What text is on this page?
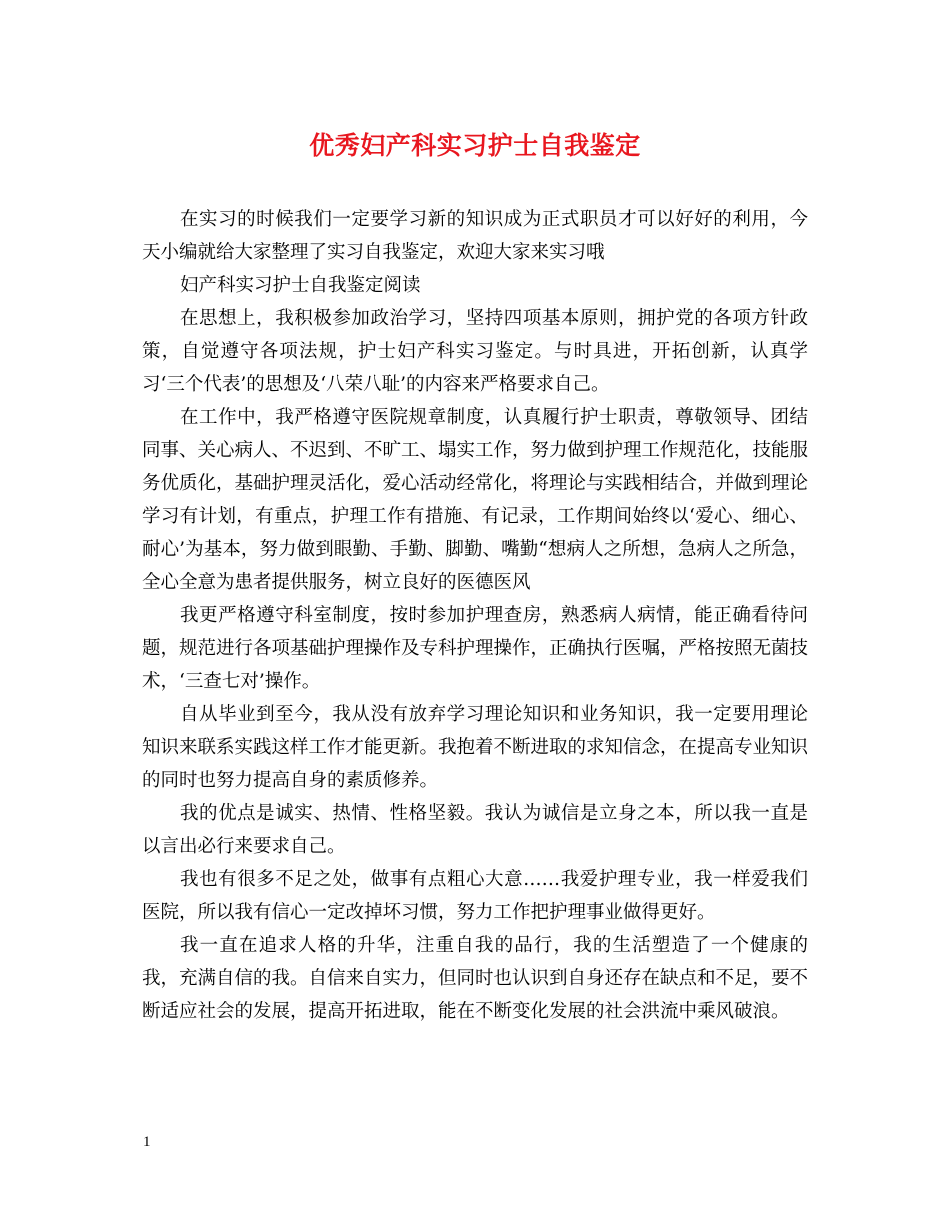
优秀妇产科实习护士自我鉴定

在实习的时候我们一定要学习新的知识成为正式职员才可以好好的利用，今天小编就给大家整理了实习自我鉴定，欢迎大家来实习哦

妇产科实习护士自我鉴定阅读

在思想上，我积极参加政治学习，坚持四项基本原则，拥护党的各项方针政策，自觉遵守各项法规，护士妇产科实习鉴定。与时具进，开拓创新，认真学习‘三个代表’的思想及‘八荣八耻’的内容来严格要求自己。

在工作中，我严格遵守医院规章制度，认真履行护士职责，尊敬领导、团结同事、关心病人、不迟到、不旷工、塌实工作，努力做到护理工作规范化，技能服务优质化，基础护理灵活化，爱心活动经常化，将理论与实践相结合，并做到理论学习有计划，有重点，护理工作有措施、有记录，工作期间始终以‘爱心、细心、耐心’为基本，努力做到眼勤、手勤、脚勤、嘴勤“想病人之所想，急病人之所急，全心全意为患者提供服务，树立良好的医德医风

我更严格遵守科室制度，按时参加护理查房，熟悉病人病情，能正确看待问题，规范进行各项基础护理操作及专科护理操作，正确执行医嘱，严格按照无菌技术，‘三查七对’操作。

自从毕业到至今，我从没有放弃学习理论知识和业务知识，我一定要用理论知识来联系实践这样工作才能更新。我抱着不断进取的求知信念，在提高专业知识的同时也努力提高自身的素质修养。

我的优点是诚实、热情、性格坚毅。我认为诚信是立身之本，所以我一直是以言出必行来要求自己。

我也有很多不足之处，做事有点粗心大意……我爱护理专业，我一样爱我们医院，所以我有信心一定改掉坏习惯，努力工作把护理事业做得更好。

我一直在追求人格的升华，注重自我的品行，我的生活塑造了一个健康的我，充满自信的我。自信来自实力，但同时也认识到自身还存在缺点和不足，要不断适应社会的发展，提高开拓进取，能在不断变化发展的社会洪流中乘风破浪。

1
